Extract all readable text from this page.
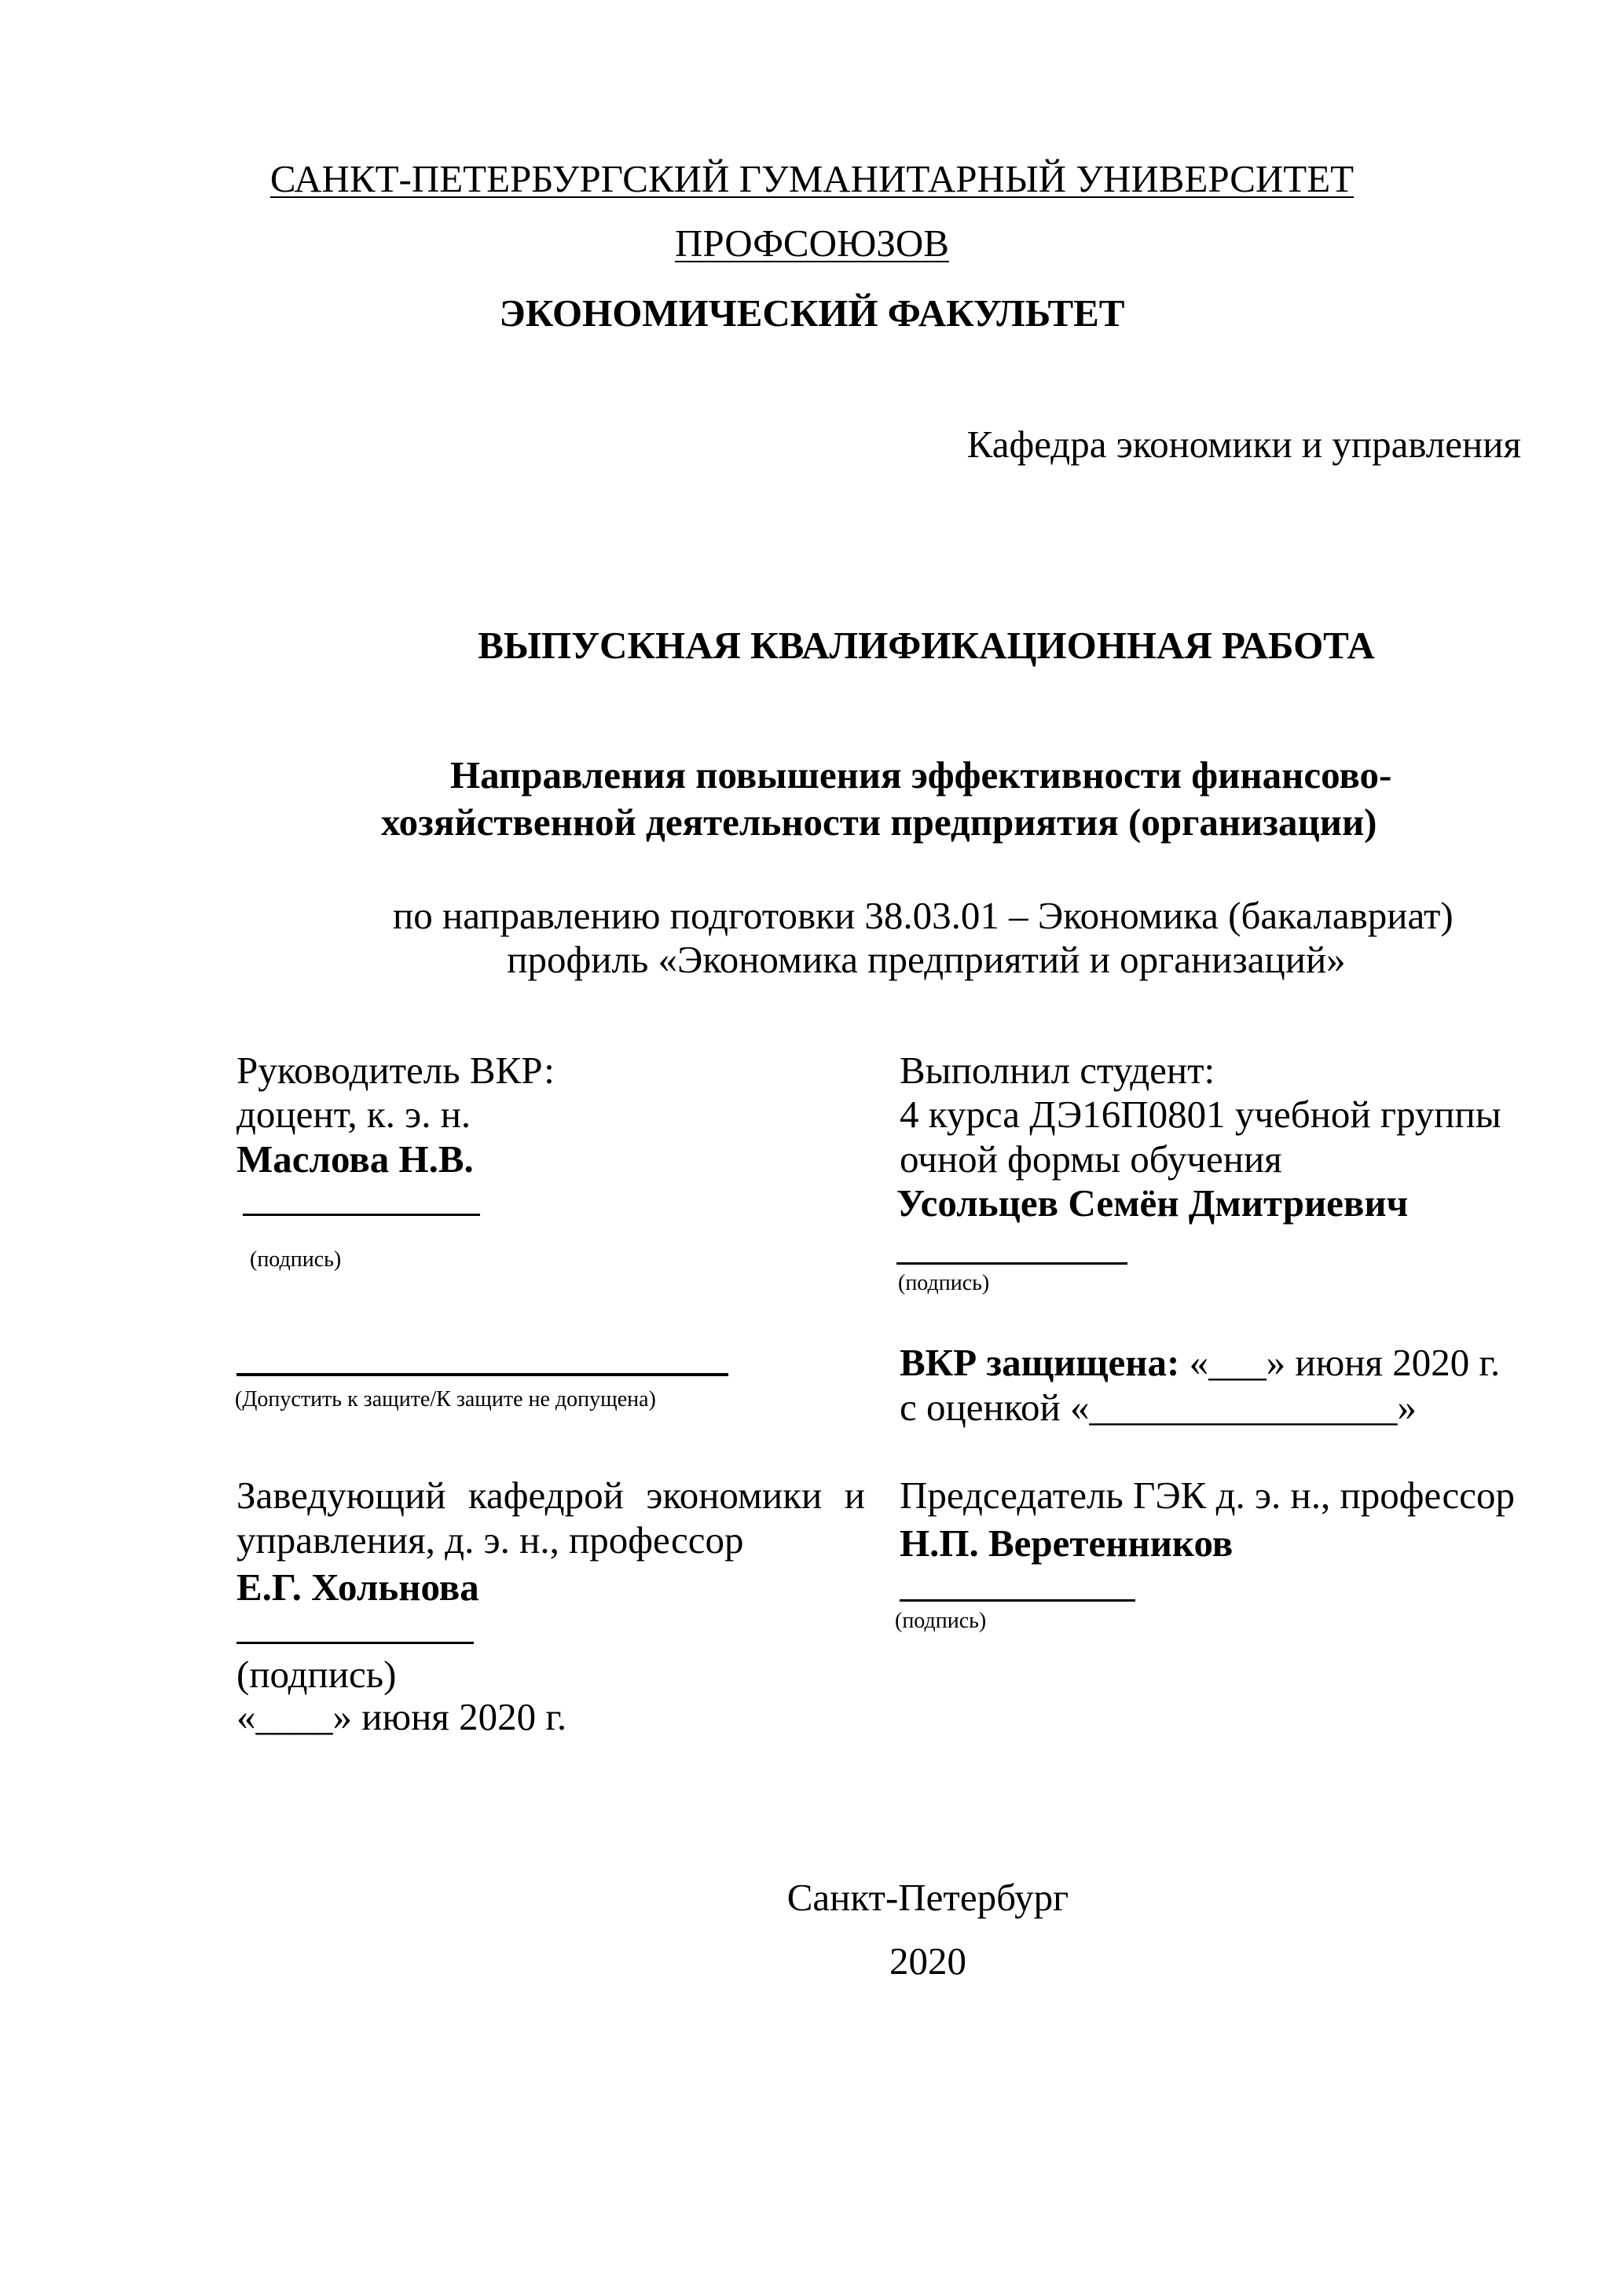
САНКТ-ПЕТЕРБУРГСКИЙ ГУМАНИТАРНЫЙ УНИВЕРСИТЕТ
ПРОФСОЮЗОВ
ЭКОНОМИЧЕСКИЙ ФАКУЛЬТЕТ
Кафедра экономики и управления
ВЫПУСКНАЯ КВАЛИФИКАЦИОННАЯ РАБОТА
Направления повышения эффективности финансово-
хозяйственной деятельности предприятия (организации)
по направлению подготовки 38.03.01 – Экономика (бакалавриат)
профиль «Экономика предприятий и организаций»
Руководитель ВКР:
доцент, к. э. н.
Маслова Н.В.
(подпись)
Выполнил студент:
4 курса ДЭ16П0801 учебной группы
очной формы обучения
Усольцев Семён Дмитриевич
(подпись)
(Допустить к защите/К защите не допущена)
ВКР защищена: «___» июня 2020 г.
с оценкой «________________»
Заведующий кафедрой экономики и
управления, д. э. н., профессор
Е.Г. Хольнова
(подпись)
«____» июня 2020 г.
Председатель ГЭК д. э. н., профессор
Н.П. Веретенников
(подпись)
Санкт-Петербург
2020
